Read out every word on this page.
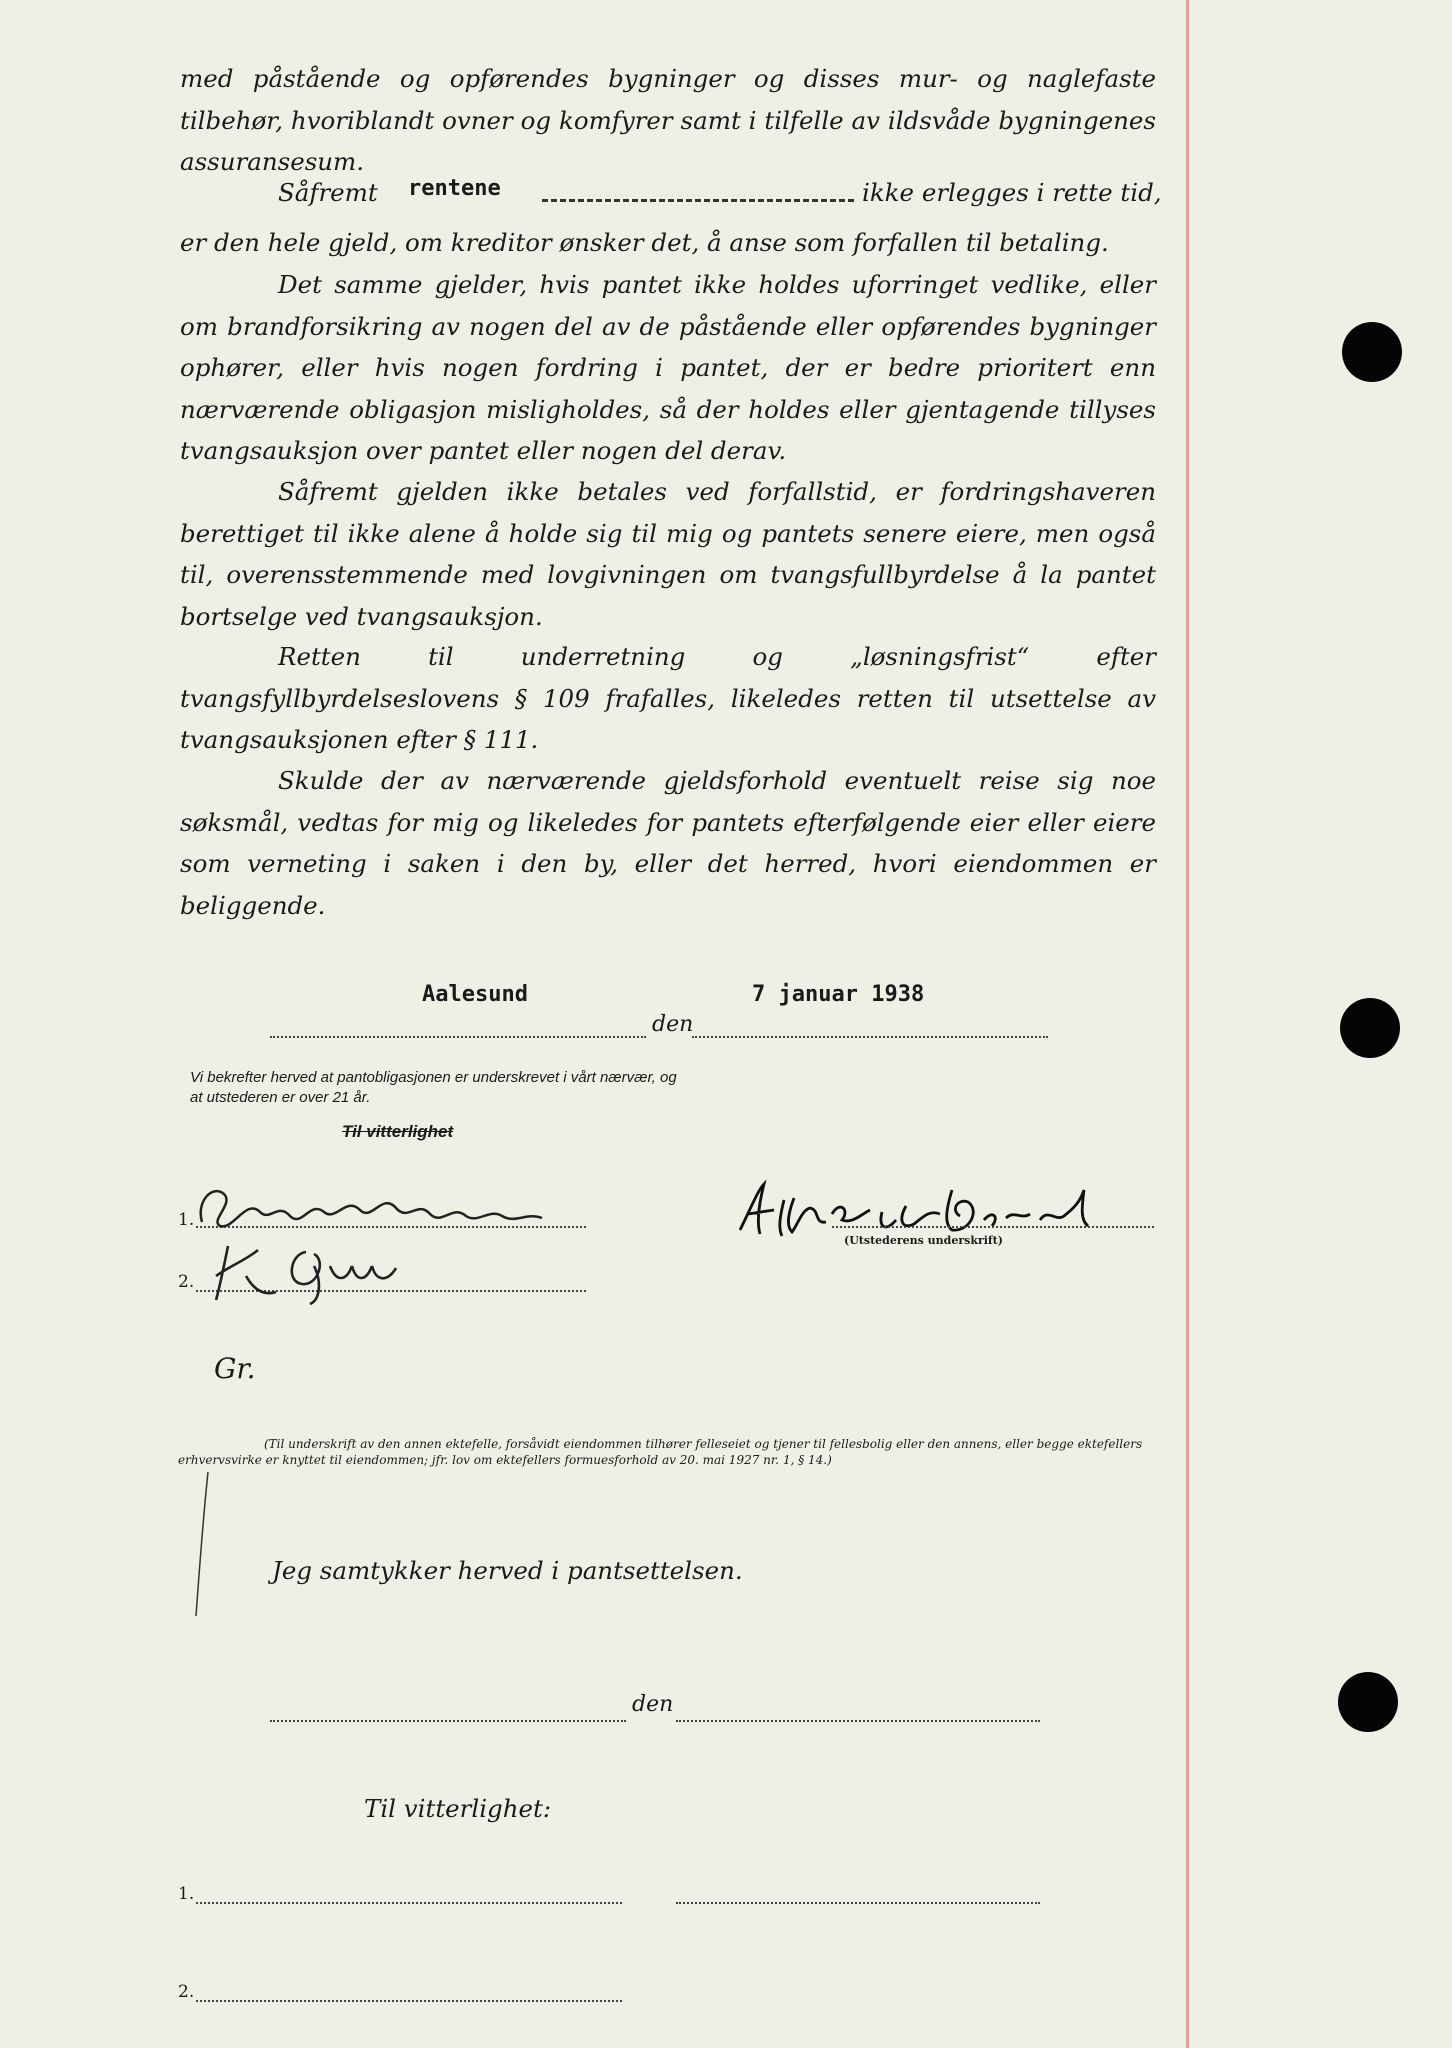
med påstående og opførendes bygninger og disses mur- og naglefaste tilbehør, hvoriblandt ovner og komfyrer samt i tilfelle av ildsvåde bygningenes assuransesum.
Såfremt rentene	ikke erlegges i rette tid,
er den hele gjeld, om kreditor ønsker det, å anse som forfallen til betaling.
Det samme gjelder, hvis pantet ikke holdes uforringet vedlike, eller om brandforsikring av nogen del av de påstående eller opførendes bygninger ophører, eller hvis nogen fordring i pantet, der er bedre prioritert enn nærværende obligasjon misligholdes, så der holdes eller gjentagende tillyses tvangsauksjon over pantet eller nogen del derav.
Såfremt gjelden ikke betales ved forfallstid, er fordringshaveren berettiget til ikke alene å holde sig til mig og pantets senere eiere, men også til, overensstemmende med lovgivningen om tvangsfullbyrdelse å la pantet bortselge ved tvangsauksjon.
Retten til underretning og „løsningsfrist“ efter tvangsfyllbyrdelseslovens § 109 frafalles, likeledes retten til utsettelse av tvangsauksjonen efter § 111.
Skulde der av nærværende gjeldsforhold eventuelt reise sig noe søksmål, vedtas for mig og likeledes for pantets efterfølgende eier eller eiere som verneting i saken i den by, eller det herred, hvori eiendommen er beliggende.
Aalesund
den
7 januar 1938
Vi bekrefter herved at pantobligasjonen er underskrevet i vårt nærvær, og at utstederen er over 21 år.
Til vitterlighet
1.
2.
(Utstederens underskrift)
Gr.
(Til underskrift av den annen ektefelle, forsåvidt eiendommen tilhører felleseiet og tjener til fellesbolig eller den annens, eller begge ektefellers erhvervsvirke er knyttet til eiendommen; jfr. lov om ektefellers formuesforhold av 20. mai 1927 nr. 1, § 14.)
Jeg samtykker herved i pantsettelsen.
den
Til vitterlighet:
1.
2.
